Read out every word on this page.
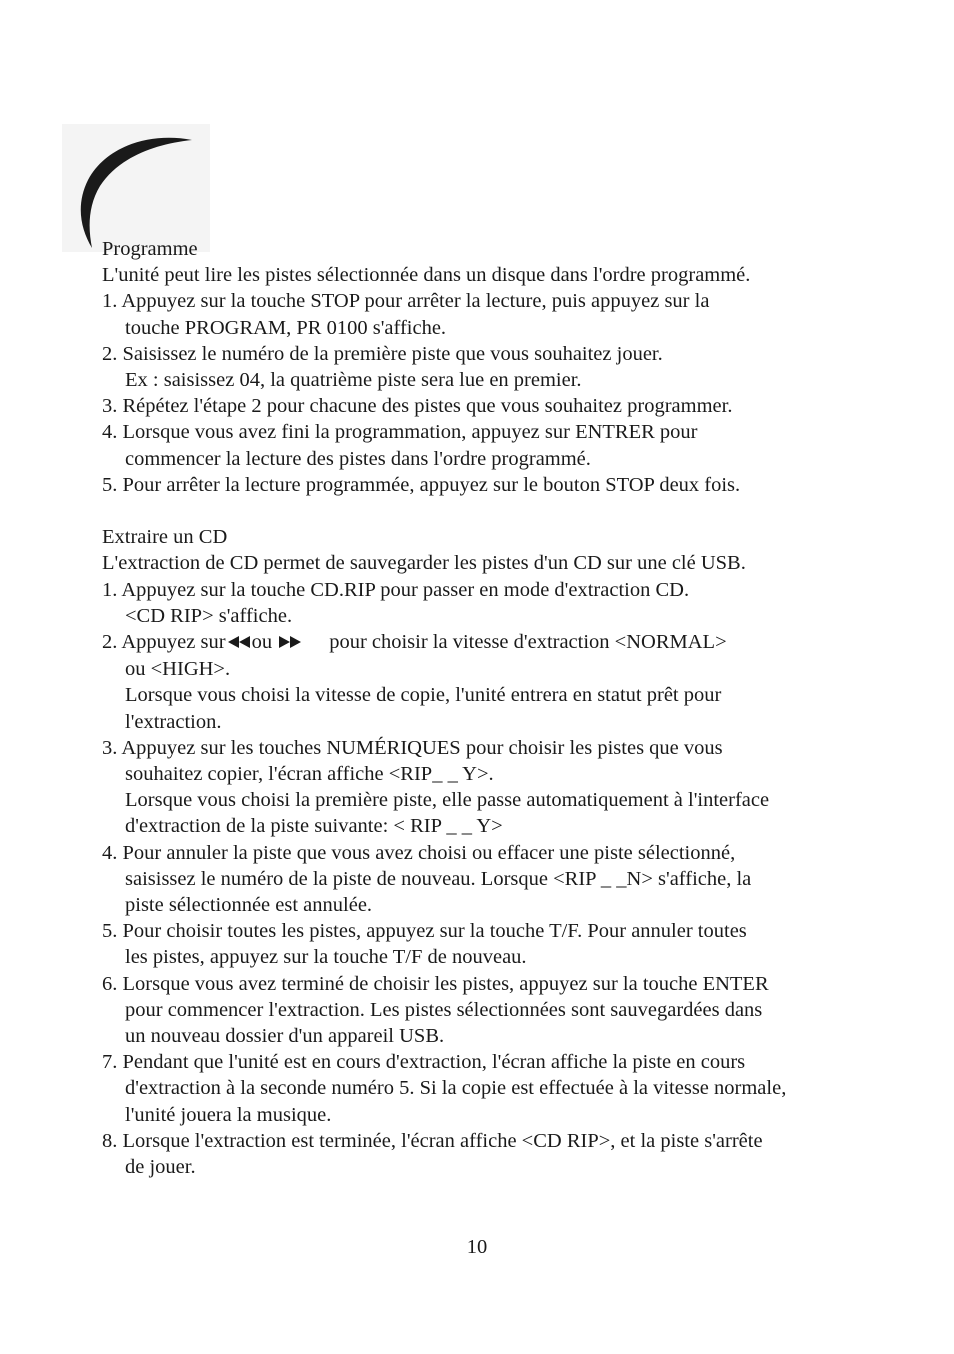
Programme
L'unité peut lire les pistes sélectionnée dans un disque dans l'ordre programmé.
1. Appuyez sur la touche STOP pour arrêter la lecture, puis appuyez sur la
touche PROGRAM, PR 0100 s'affiche.
2. Saisissez le numéro de la première piste que vous souhaitez jouer.
Ex : saisissez 04, la quatrième piste sera lue en premier.
3. Répétez l'étape 2 pour chacune des pistes que vous souhaitez programmer.
4. Lorsque vous avez fini la programmation, appuyez sur ENTRER pour
commencer la lecture des pistes dans l'ordre programmé.
5. Pour arrêter la lecture programmée, appuyez sur le bouton STOP deux fois.
Extraire un CD
L'extraction de CD permet de sauvegarder les pistes d'un CD sur une clé USB.
1. Appuyez sur la touche CD.RIP pour passer en mode d'extraction CD.
<CD RIP> s'affiche.
2. Appuyez sur ou	pour choisir la vitesse d'extraction <NORMAL>
ou <HIGH>.
Lorsque vous choisi la vitesse de copie, l'unité entrera en statut prêt pour
l'extraction.
3. Appuyez sur les touches NUMÉRIQUES pour choisir les pistes que vous
souhaitez copier, l'écran affiche <RIP_ _ Y>.
Lorsque vous choisi la première piste, elle passe automatiquement à l'interface
d'extraction de la piste suivante: < RIP _ _ Y>
4. Pour annuler la piste que vous avez choisi ou effacer une piste sélectionné,
saisissez le numéro de la piste de nouveau. Lorsque <RIP _ _N> s'affiche, la
piste sélectionnée est annulée.
5. Pour choisir toutes les pistes, appuyez sur la touche T/F. Pour annuler toutes
les pistes, appuyez sur la touche T/F de nouveau.
6. Lorsque vous avez terminé de choisir les pistes, appuyez sur la touche ENTER
pour commencer l'extraction. Les pistes sélectionnées sont sauvegardées dans
un nouveau dossier d'un appareil USB.
7. Pendant que l'unité est en cours d'extraction, l'écran affiche la piste en cours
d'extraction à la seconde numéro 5. Si la copie est effectuée à la vitesse normale,
l'unité jouera la musique.
8. Lorsque l'extraction est terminée, l'écran affiche <CD RIP>, et la piste s'arrête
de jouer.
10
